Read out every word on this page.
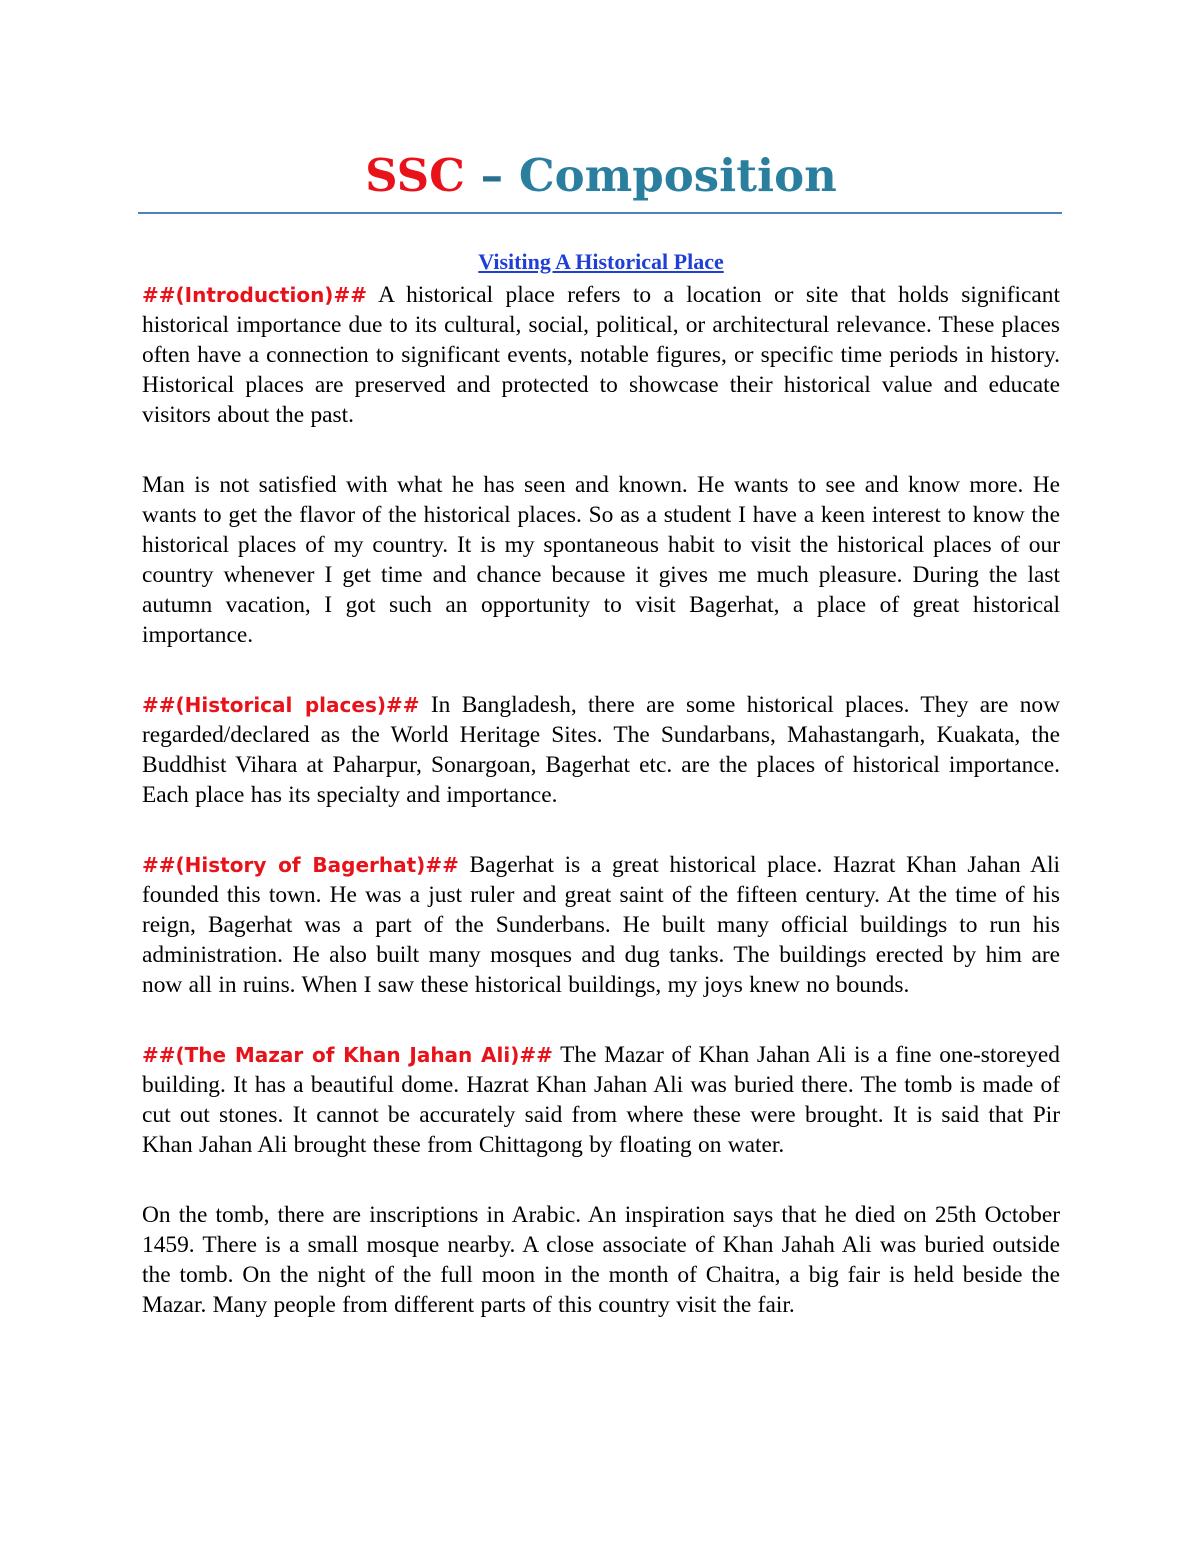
SSC – Composition
Visiting A Historical Place

##(Introduction)## A historical place refers to a location or site that holds significant historical importance due to its cultural, social, political, or architectural relevance. These places often have a connection to significant events, notable figures, or specific time periods in history. Historical places are preserved and protected to showcase their historical value and educate visitors about the past.

Man is not satisfied with what he has seen and known. He wants to see and know more. He wants to get the flavor of the historical places. So as a student I have a keen interest to know the historical places of my country. It is my spontaneous habit to visit the historical places of our country whenever I get time and chance because it gives me much pleasure. During the last autumn vacation, I got such an opportunity to visit Bagerhat, a place of great historical importance.

##(Historical places)## In Bangladesh, there are some historical places. They are now regarded/declared as the World Heritage Sites. The Sundarbans, Mahastangarh, Kuakata, the Buddhist Vihara at Paharpur, Sonargoan, Bagerhat etc. are the places of historical importance. Each place has its specialty and importance.

##(History of Bagerhat)## Bagerhat is a great historical place. Hazrat Khan Jahan Ali founded this town. He was a just ruler and great saint of the fifteen century. At the time of his reign, Bagerhat was a part of the Sunderbans. He built many official buildings to run his administration. He also built many mosques and dug tanks. The buildings erected by him are now all in ruins. When I saw these historical buildings, my joys knew no bounds.

##(The Mazar of Khan Jahan Ali)## The Mazar of Khan Jahan Ali is a fine one-storeyed building. It has a beautiful dome. Hazrat Khan Jahan Ali was buried there. The tomb is made of cut out stones. It cannot be accurately said from where these were brought. It is said that Pir Khan Jahan Ali brought these from Chittagong by floating on water.

On the tomb, there are inscriptions in Arabic. An inspiration says that he died on 25th October 1459. There is a small mosque nearby. A close associate of Khan Jahah Ali was buried outside the tomb. On the night of the full moon in the month of Chaitra, a big fair is held beside the Mazar. Many people from different parts of this country visit the fair.
